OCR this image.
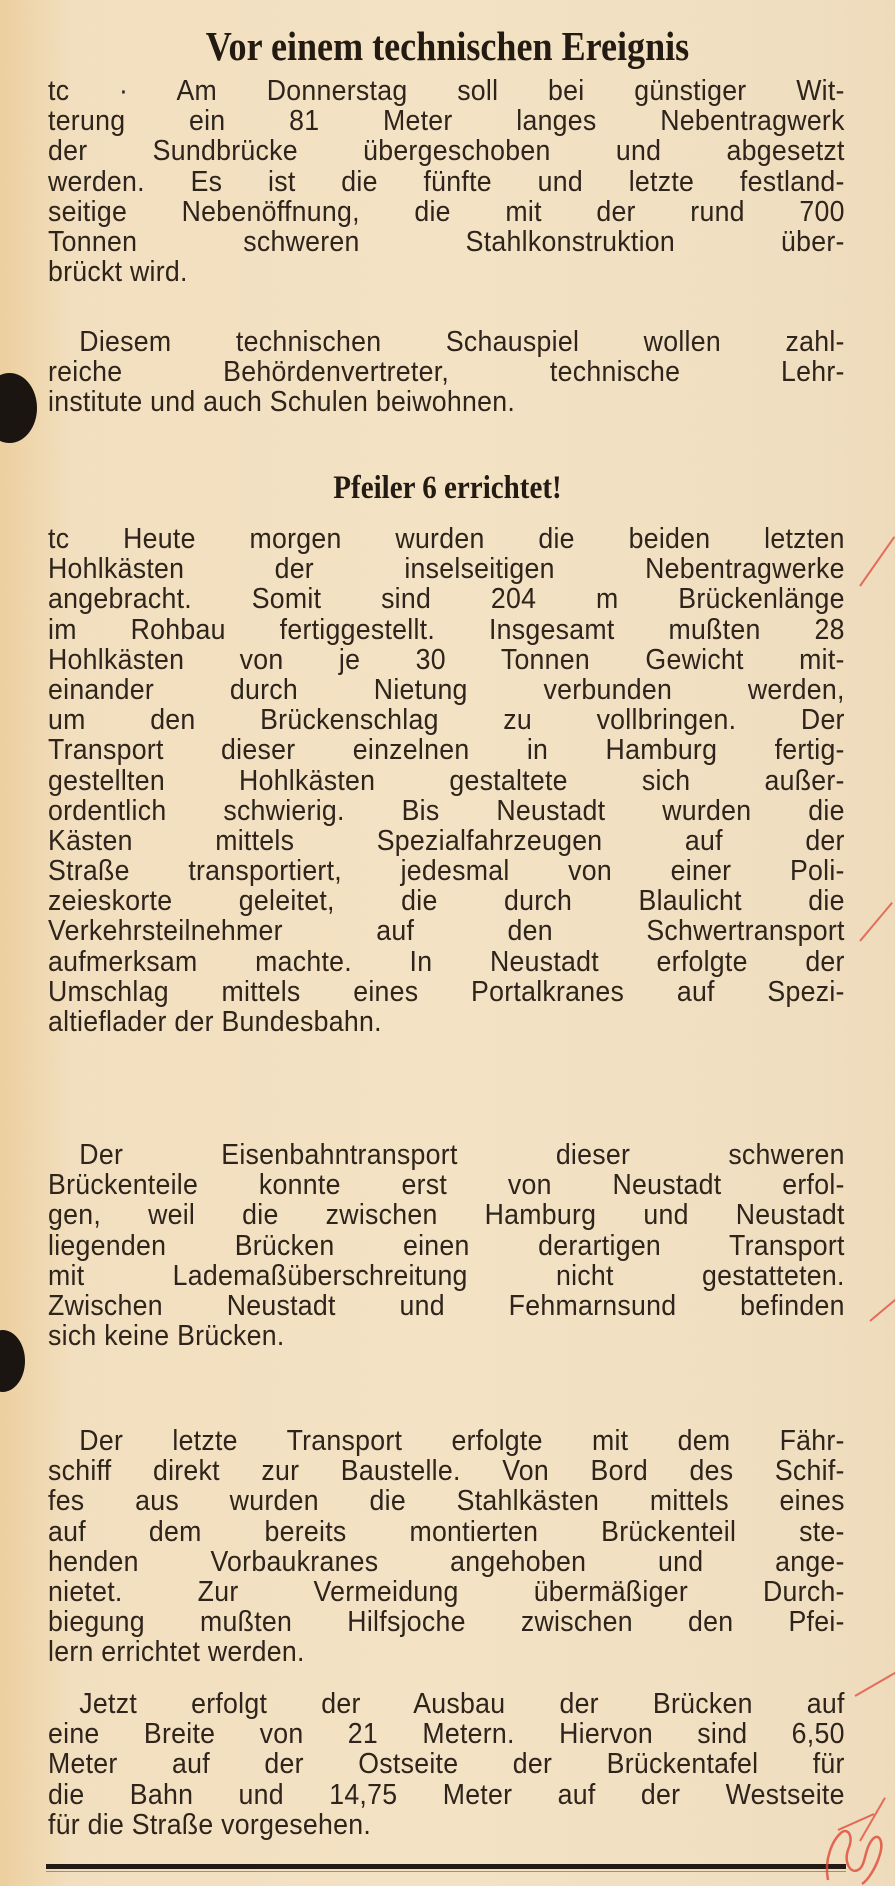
Vor einem technischen Ereignis
tc · Am Donnerstag soll bei günstiger Wit-
terung ein 81 Meter langes Nebentragwerk
der Sundbrücke übergeschoben und abgesetzt
werden. Es ist die fünfte und letzte festland-
seitige Nebenöffnung, die mit der rund 700
Tonnen schweren Stahlkonstruktion über-
brückt wird.
Diesem technischen Schauspiel wollen zahl-
reiche Behördenvertreter, technische Lehr-
institute und auch Schulen beiwohnen.
Pfeiler 6 errichtet!
tc Heute morgen wurden die beiden letzten
Hohlkästen der inselseitigen Nebentragwerke
angebracht. Somit sind 204 m Brückenlänge
im Rohbau fertiggestellt. Insgesamt mußten 28
Hohlkästen von je 30 Tonnen Gewicht mit-
einander durch Nietung verbunden werden,
um den Brückenschlag zu vollbringen. Der
Transport dieser einzelnen in Hamburg fertig-
gestellten Hohlkästen gestaltete sich außer-
ordentlich schwierig. Bis Neustadt wurden die
Kästen mittels Spezialfahrzeugen auf der
Straße transportiert, jedesmal von einer Poli-
zeieskorte geleitet, die durch Blaulicht die
Verkehrsteilnehmer auf den Schwertransport
aufmerksam machte. In Neustadt erfolgte der
Umschlag mittels eines Portalkranes auf Spezi-
altieflader der Bundesbahn.
Der Eisenbahntransport dieser schweren
Brückenteile konnte erst von Neustadt erfol-
gen, weil die zwischen Hamburg und Neustadt
liegenden Brücken einen derartigen Transport
mit Lademaßüberschreitung nicht gestatteten.
Zwischen Neustadt und Fehmarnsund befinden
sich keine Brücken.
Der letzte Transport erfolgte mit dem Fähr-
schiff direkt zur Baustelle. Von Bord des Schif-
fes aus wurden die Stahlkästen mittels eines
auf dem bereits montierten Brückenteil ste-
henden Vorbaukranes angehoben und ange-
nietet. Zur Vermeidung übermäßiger Durch-
biegung mußten Hilfsjoche zwischen den Pfei-
lern errichtet werden.
Jetzt erfolgt der Ausbau der Brücken auf
eine Breite von 21 Metern. Hiervon sind 6,50
Meter auf der Ostseite der Brückentafel für
die Bahn und 14,75 Meter auf der Westseite
für die Straße vorgesehen.
